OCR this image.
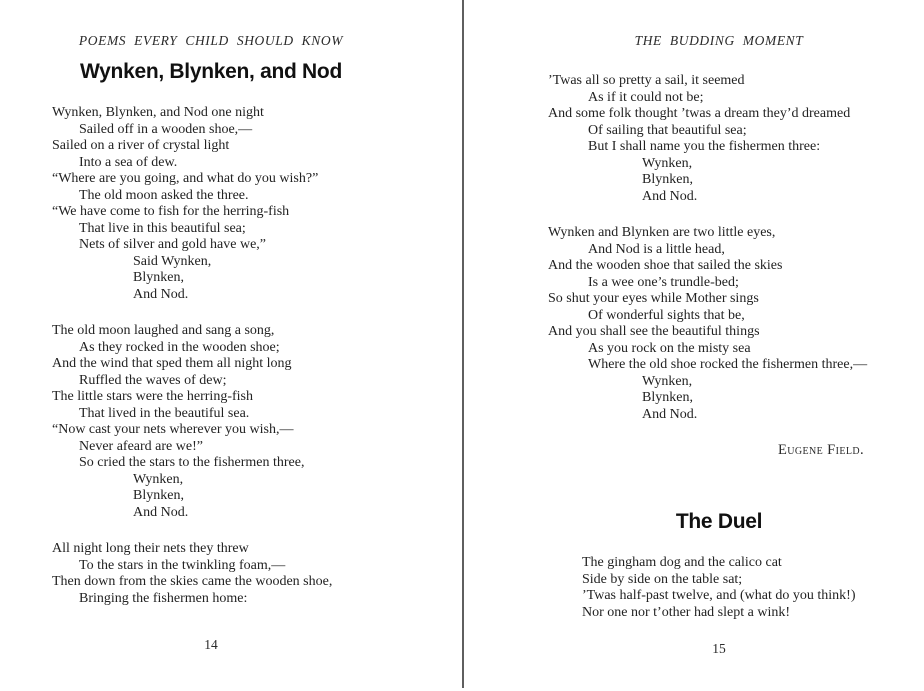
POEMS EVERY CHILD SHOULD KNOW
Wynken, Blynken, and Nod
Wynken, Blynken, and Nod one night
Sailed off in a wooden shoe,—
Sailed on a river of crystal light
Into a sea of dew.
“Where are you going, and what do you wish?”
The old moon asked the three.
“We have come to fish for the herring-fish
That live in this beautiful sea;
Nets of silver and gold have we,”
Said Wynken,
Blynken,
And Nod.
The old moon laughed and sang a song,
As they rocked in the wooden shoe;
And the wind that sped them all night long
Ruffled the waves of dew;
The little stars were the herring-fish
That lived in the beautiful sea.
“Now cast your nets wherever you wish,—
Never afeard are we!”
So cried the stars to the fishermen three,
Wynken,
Blynken,
And Nod.
All night long their nets they threw
To the stars in the twinkling foam,—
Then down from the skies came the wooden shoe,
Bringing the fishermen home:
14
THE BUDDING MOMENT
’Twas all so pretty a sail, it seemed
As if it could not be;
And some folk thought ’twas a dream they’d dreamed
Of sailing that beautiful sea;
But I shall name you the fishermen three:
Wynken,
Blynken,
And Nod.
Wynken and Blynken are two little eyes,
And Nod is a little head,
And the wooden shoe that sailed the skies
Is a wee one’s trundle-bed;
So shut your eyes while Mother sings
Of wonderful sights that be,
And you shall see the beautiful things
As you rock on the misty sea
Where the old shoe rocked the fishermen three,—
Wynken,
Blynken,
And Nod.
Eugene Field.
The Duel
The gingham dog and the calico cat
Side by side on the table sat;
’Twas half-past twelve, and (what do you think!)
Nor one nor t’other had slept a wink!
15
